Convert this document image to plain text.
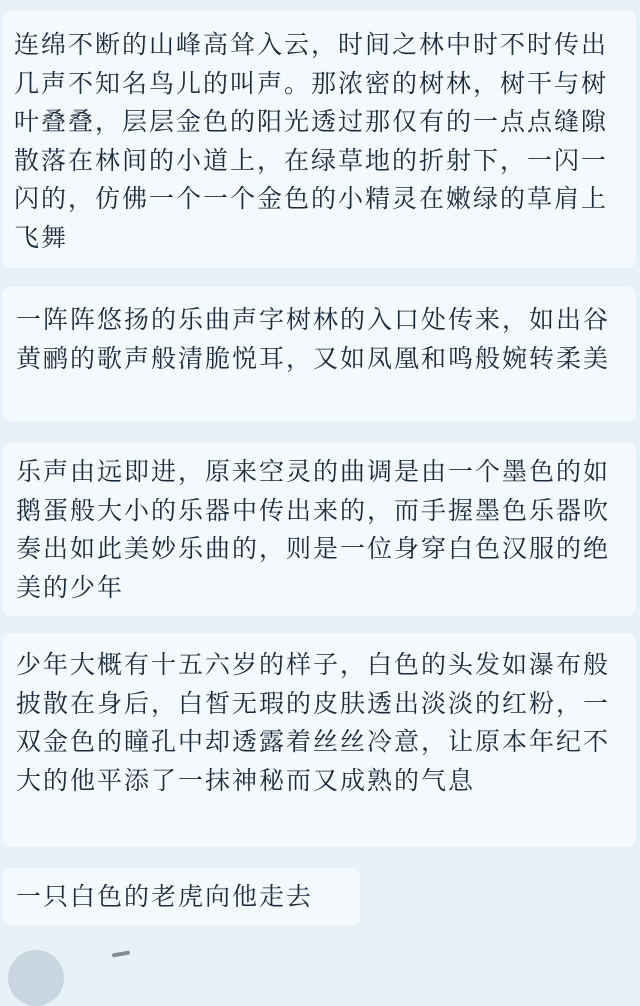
连绵不断的山峰高耸入云，时间之林中时不时传出几声不知名鸟儿的叫声。那浓密的树林，树干与树叶叠叠，层层金色的阳光透过那仅有的一点点缝隙散落在林间的小道上，在绿草地的折射下，一闪一闪的，仿佛一个一个金色的小精灵在嫩绿的草肩上飞舞
一阵阵悠扬的乐曲声字树林的入口处传来，如出谷黄鹂的歌声般清脆悦耳，又如凤凰和鸣般婉转柔美
乐声由远即进，原来空灵的曲调是由一个墨色的如鹅蛋般大小的乐器中传出来的，而手握墨色乐器吹奏出如此美妙乐曲的，则是一位身穿白色汉服的绝美的少年
少年大概有十五六岁的样子，白色的头发如瀑布般披散在身后，白皙无瑕的皮肤透出淡淡的红粉，一双金色的瞳孔中却透露着丝丝冷意，让原本年纪不大的他平添了一抹神秘而又成熟的气息
一只白色的老虎向他走去
